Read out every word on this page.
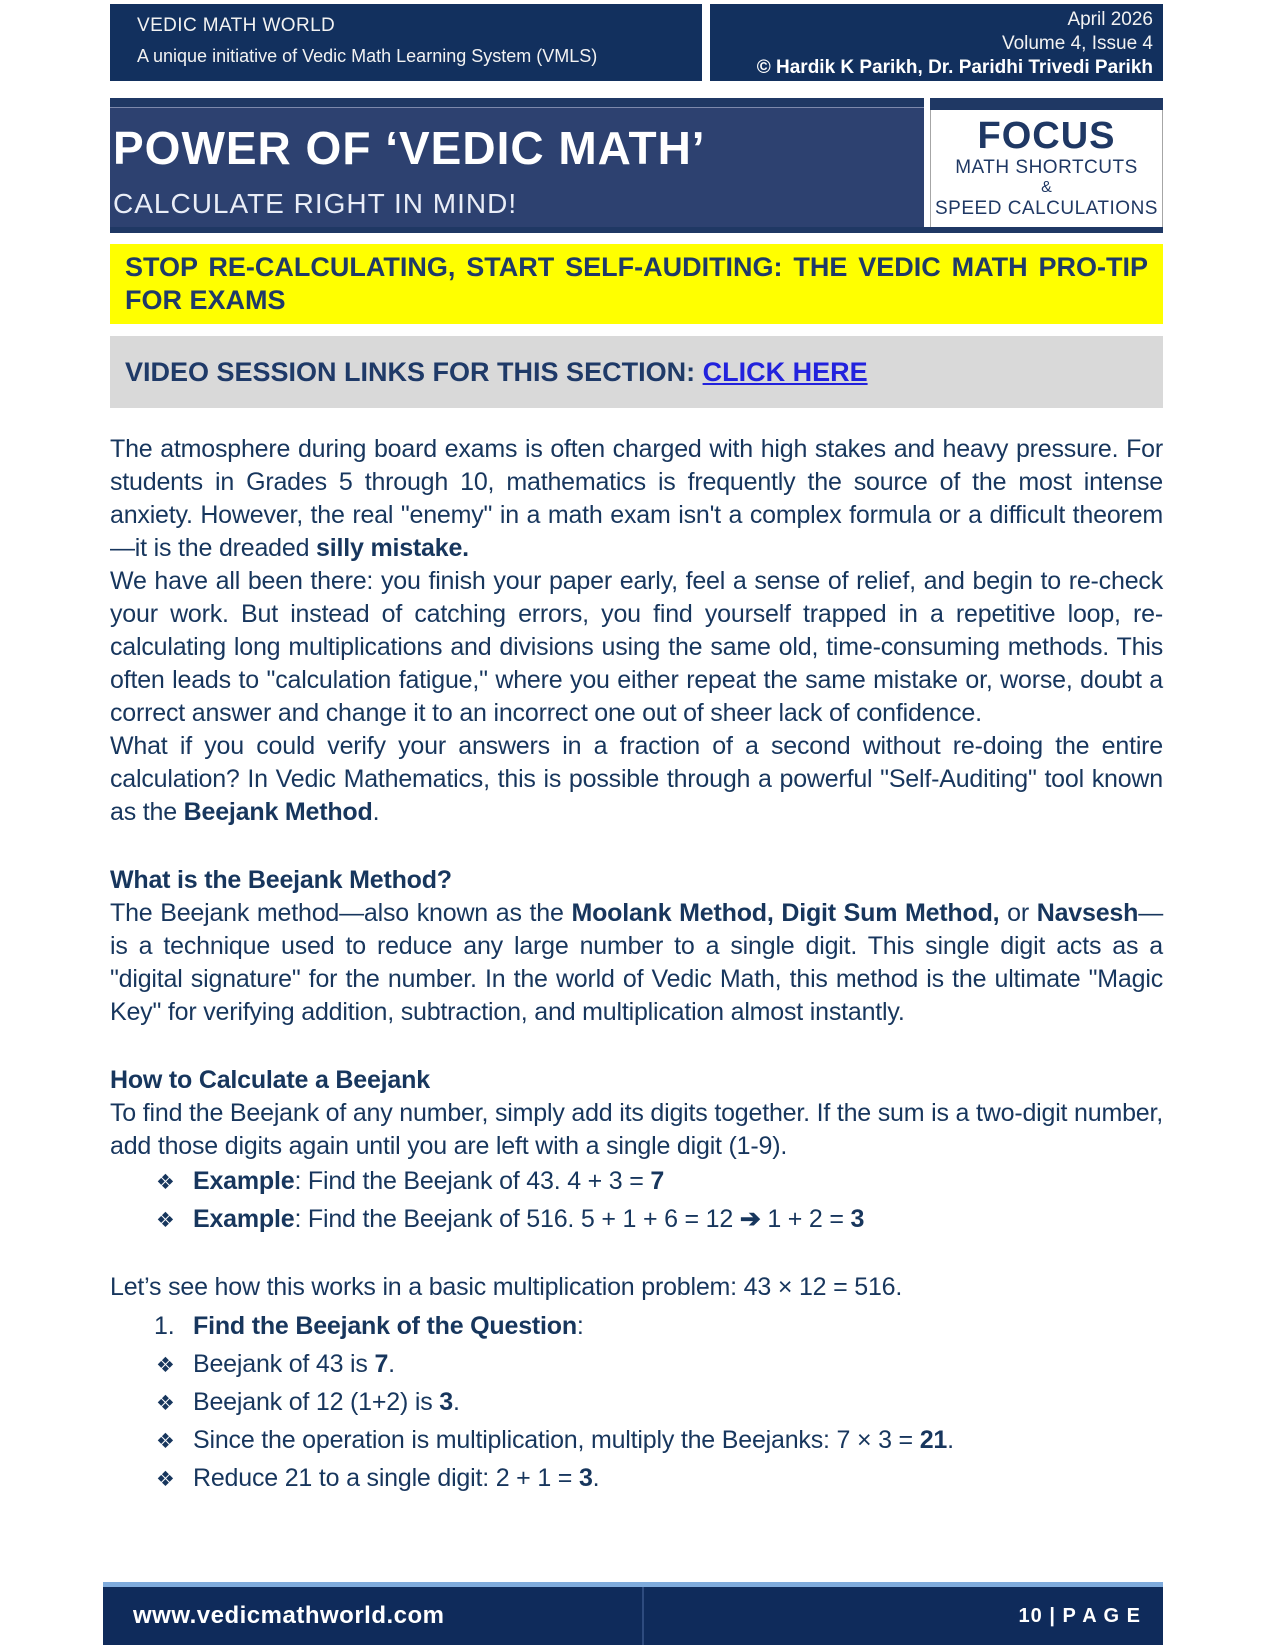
VEDIC MATH WORLD
A unique initiative of Vedic Math Learning System (VMLS)
April 2026
Volume 4, Issue 4
© Hardik K Parikh, Dr. Paridhi Trivedi Parikh
POWER OF ‘VEDIC MATH’
CALCULATE RIGHT IN MIND!
FOCUS
MATH SHORTCUTS
&
SPEED CALCULATIONS
STOP RE-CALCULATING, START SELF-AUDITING: THE VEDIC MATH PRO-TIP FOR EXAMS
VIDEO SESSION LINKS FOR THIS SECTION: CLICK HERE

The atmosphere during board exams is often charged with high stakes and heavy pressure. For students in Grades 5 through 10, mathematics is frequently the source of the most intense anxiety. However, the real "enemy" in a math exam isn't a complex formula or a difficult theorem—it is the dreaded silly mistake.

We have all been there: you finish your paper early, feel a sense of relief, and begin to re-check your work. But instead of catching errors, you find yourself trapped in a repetitive loop, re-calculating long multiplications and divisions using the same old, time-consuming methods. This often leads to "calculation fatigue," where you either repeat the same mistake or, worse, doubt a correct answer and change it to an incorrect one out of sheer lack of confidence.

What if you could verify your answers in a fraction of a second without re-doing the entire calculation? In Vedic Mathematics, this is possible through a powerful "Self-Auditing" tool known as the Beejank Method.

What is the Beejank Method?

The Beejank method—also known as the Moolank Method, Digit Sum Method, or Navsesh—is a technique used to reduce any large number to a single digit. This single digit acts as a "digital signature" for the number. In the world of Vedic Math, this method is the ultimate "Magic Key" for verifying addition, subtraction, and multiplication almost instantly.

How to Calculate a Beejank

To find the Beejank of any number, simply add its digits together. If the sum is a two-digit number, add those digits again until you are left with a single digit (1-9).

❖ Example: Find the Beejank of 43. 4 + 3 = 7
❖ Example: Find the Beejank of 516. 5 + 1 + 6 = 12 ➔ 1 + 2 = 3

Let’s see how this works in a basic multiplication problem: 43 × 12 = 516.

1. Find the Beejank of the Question:
❖ Beejank of 43 is 7.
❖ Beejank of 12 (1+2) is 3.
❖ Since the operation is multiplication, multiply the Beejanks: 7 × 3 = 21.
❖ Reduce 21 to a single digit: 2 + 1 = 3.
www.vedicmathworld.com	10 | P A G E
